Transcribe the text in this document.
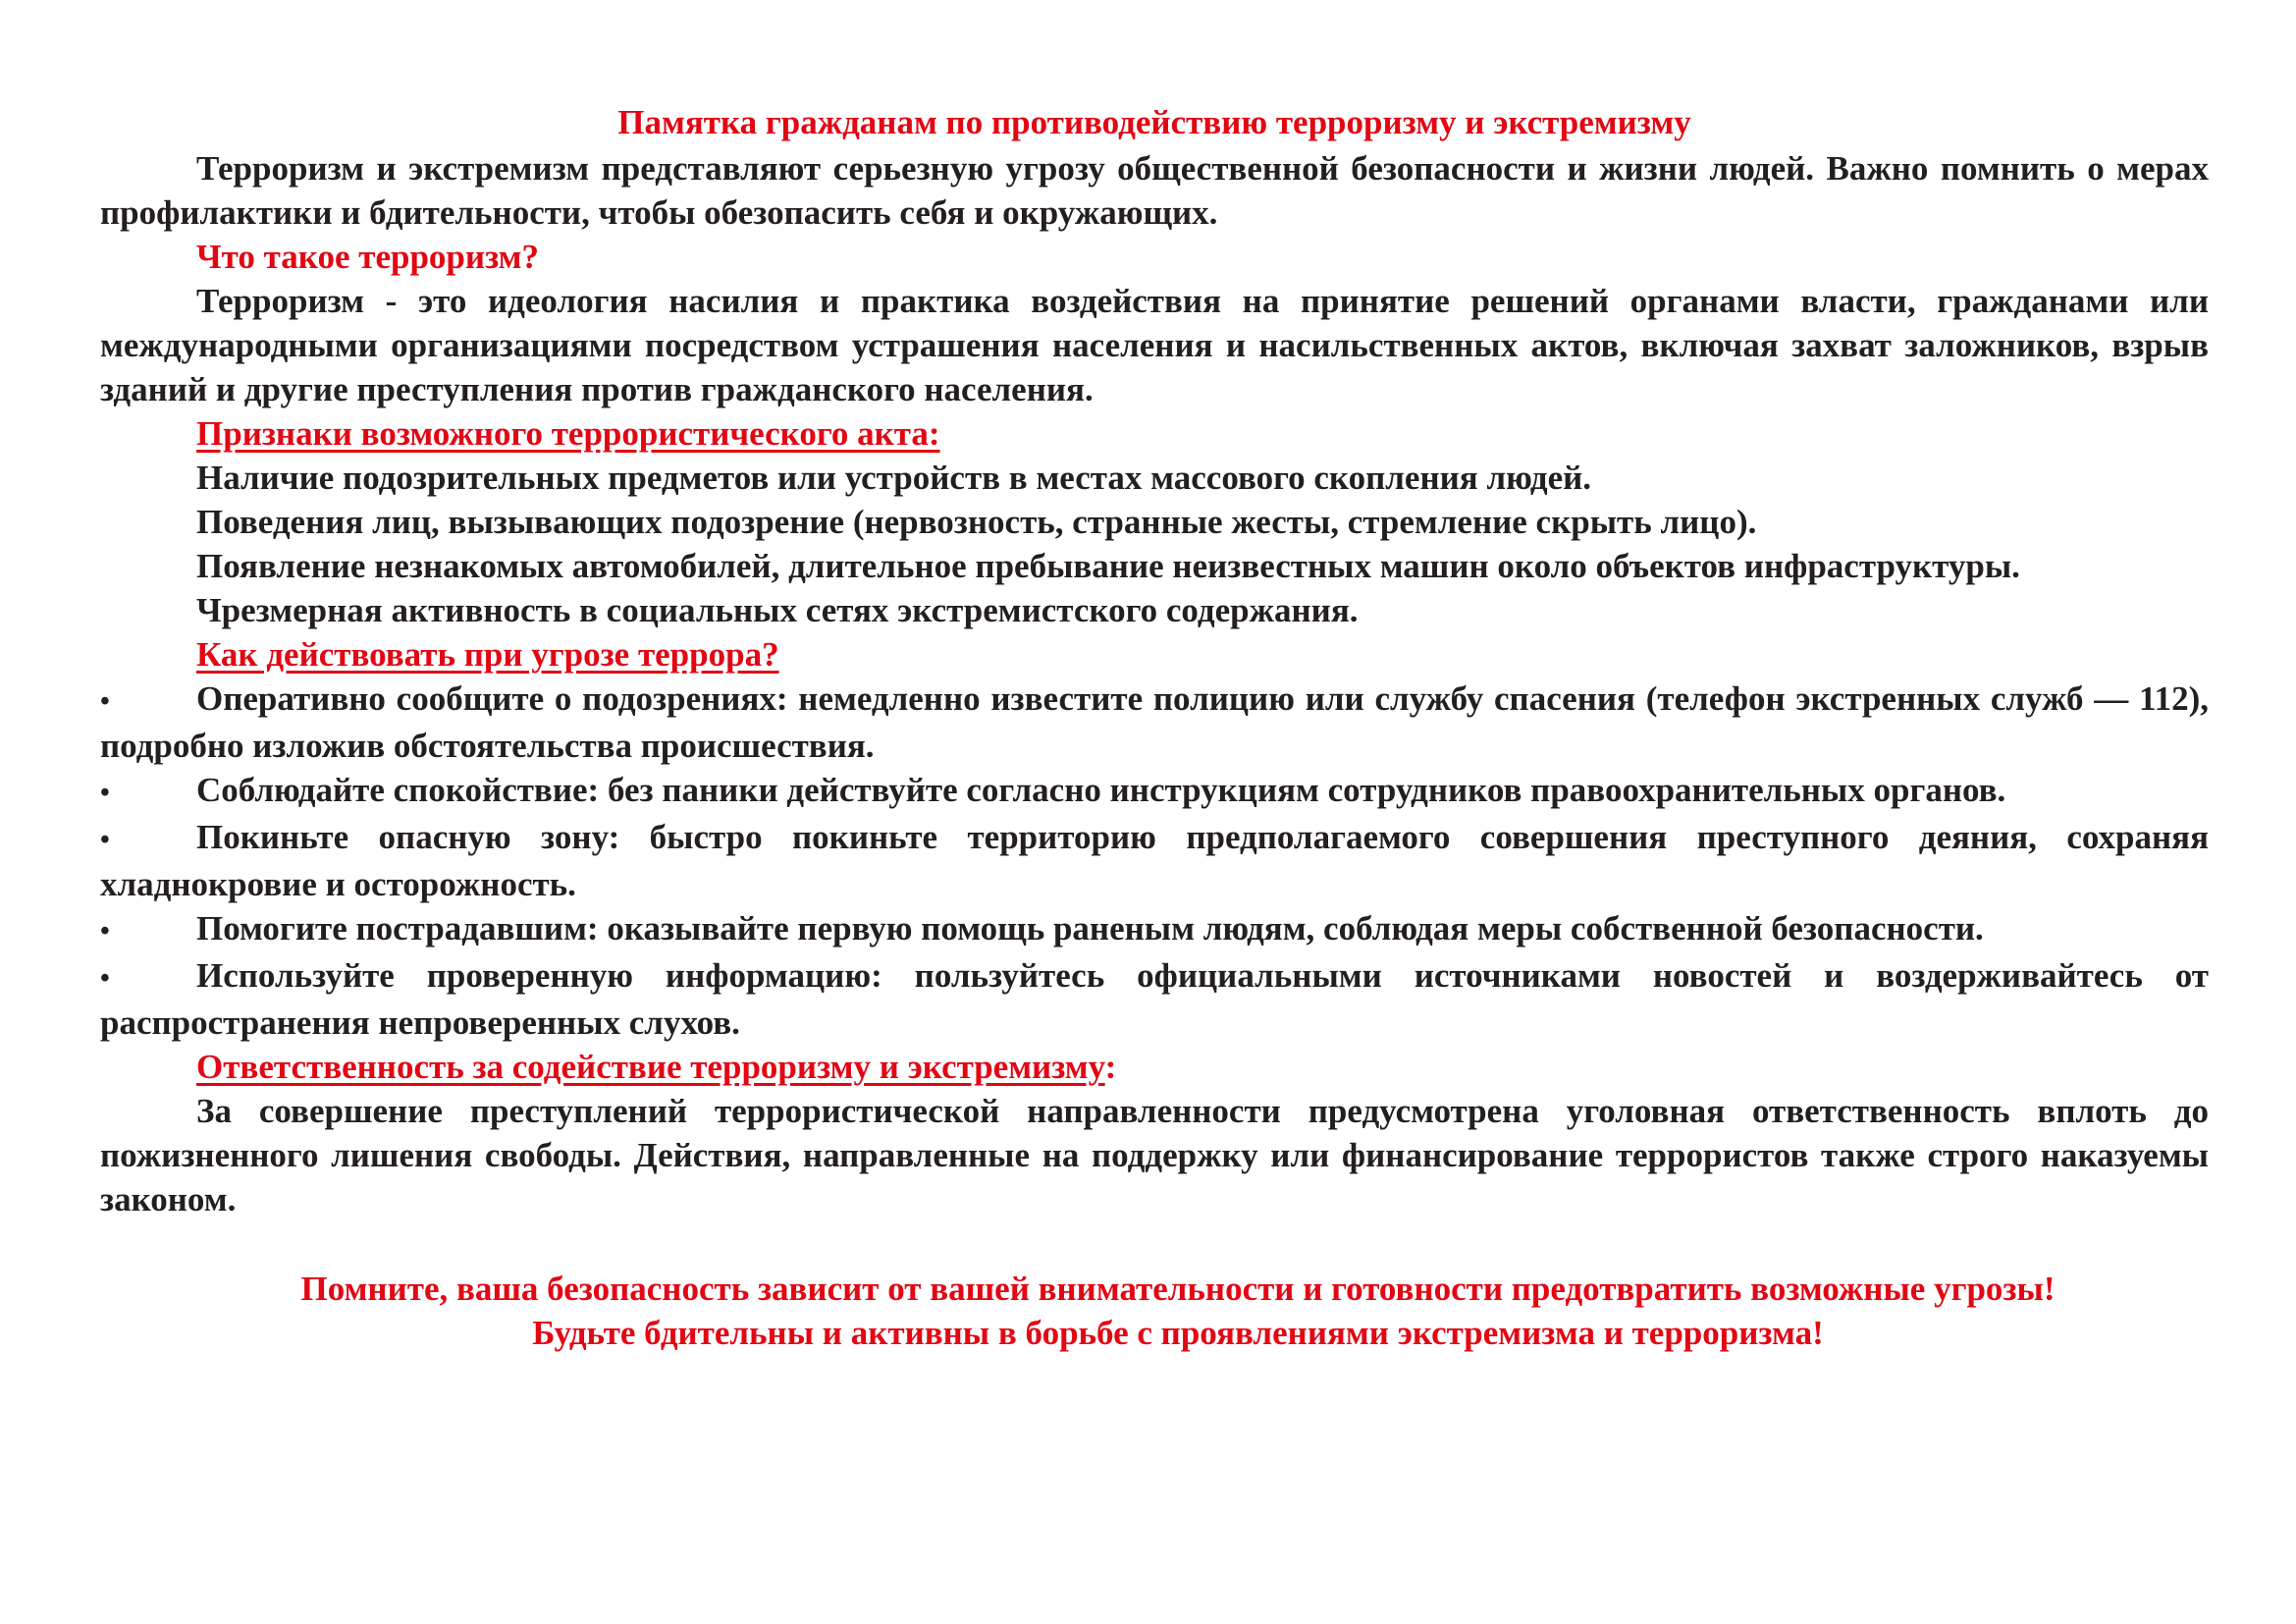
Памятка гражданам по противодействию терроризму и экстремизму

Терроризм и экстремизм представляют серьезную угрозу общественной безопасности и жизни людей. Важно помнить о мерах профилактики и бдительности, чтобы обезопасить себя и окружающих.

Что такое терроризм?

Терроризм - это идеология насилия и практика воздействия на принятие решений органами власти, гражданами или международными организациями посредством устрашения населения и насильственных актов, включая захват заложников, взрыв зданий и другие преступления против гражданского населения.

Признаки возможного террористического акта:

Наличие подозрительных предметов или устройств в местах массового скопления людей.

Поведения лиц, вызывающих подозрение (нервозность, странные жесты, стремление скрыть лицо).

Появление незнакомых автомобилей, длительное пребывание неизвестных машин около объектов инфраструктуры.

Чрезмерная активность в социальных сетях экстремистского содержания.

Как действовать при угрозе террора?

•	Оперативно сообщите о подозрениях: немедленно известите полицию или службу спасения (телефон экстренных служб — 112), подробно изложив обстоятельства происшествия.

•	Соблюдайте спокойствие: без паники действуйте согласно инструкциям сотрудников правоохранительных органов.

•	Покиньте опасную зону: быстро покиньте территорию предполагаемого совершения преступного деяния, сохраняя хладнокровие и осторожность.

•	Помогите пострадавшим: оказывайте первую помощь раненым людям, соблюдая меры собственной безопасности.

•	Используйте проверенную информацию: пользуйтесь официальными источниками новостей и воздерживайтесь от распространения непроверенных слухов.

Ответственность за содействие терроризму и экстремизму:

За совершение преступлений террористической направленности предусмотрена уголовная ответственность вплоть до пожизненного лишения свободы. Действия, направленные на поддержку или финансирование террористов также строго наказуемы законом.

Помните, ваша безопасность зависит от вашей внимательности и готовности предотвратить возможные угрозы!

Будьте бдительны и активны в борьбе с проявлениями экстремизма и терроризма!
